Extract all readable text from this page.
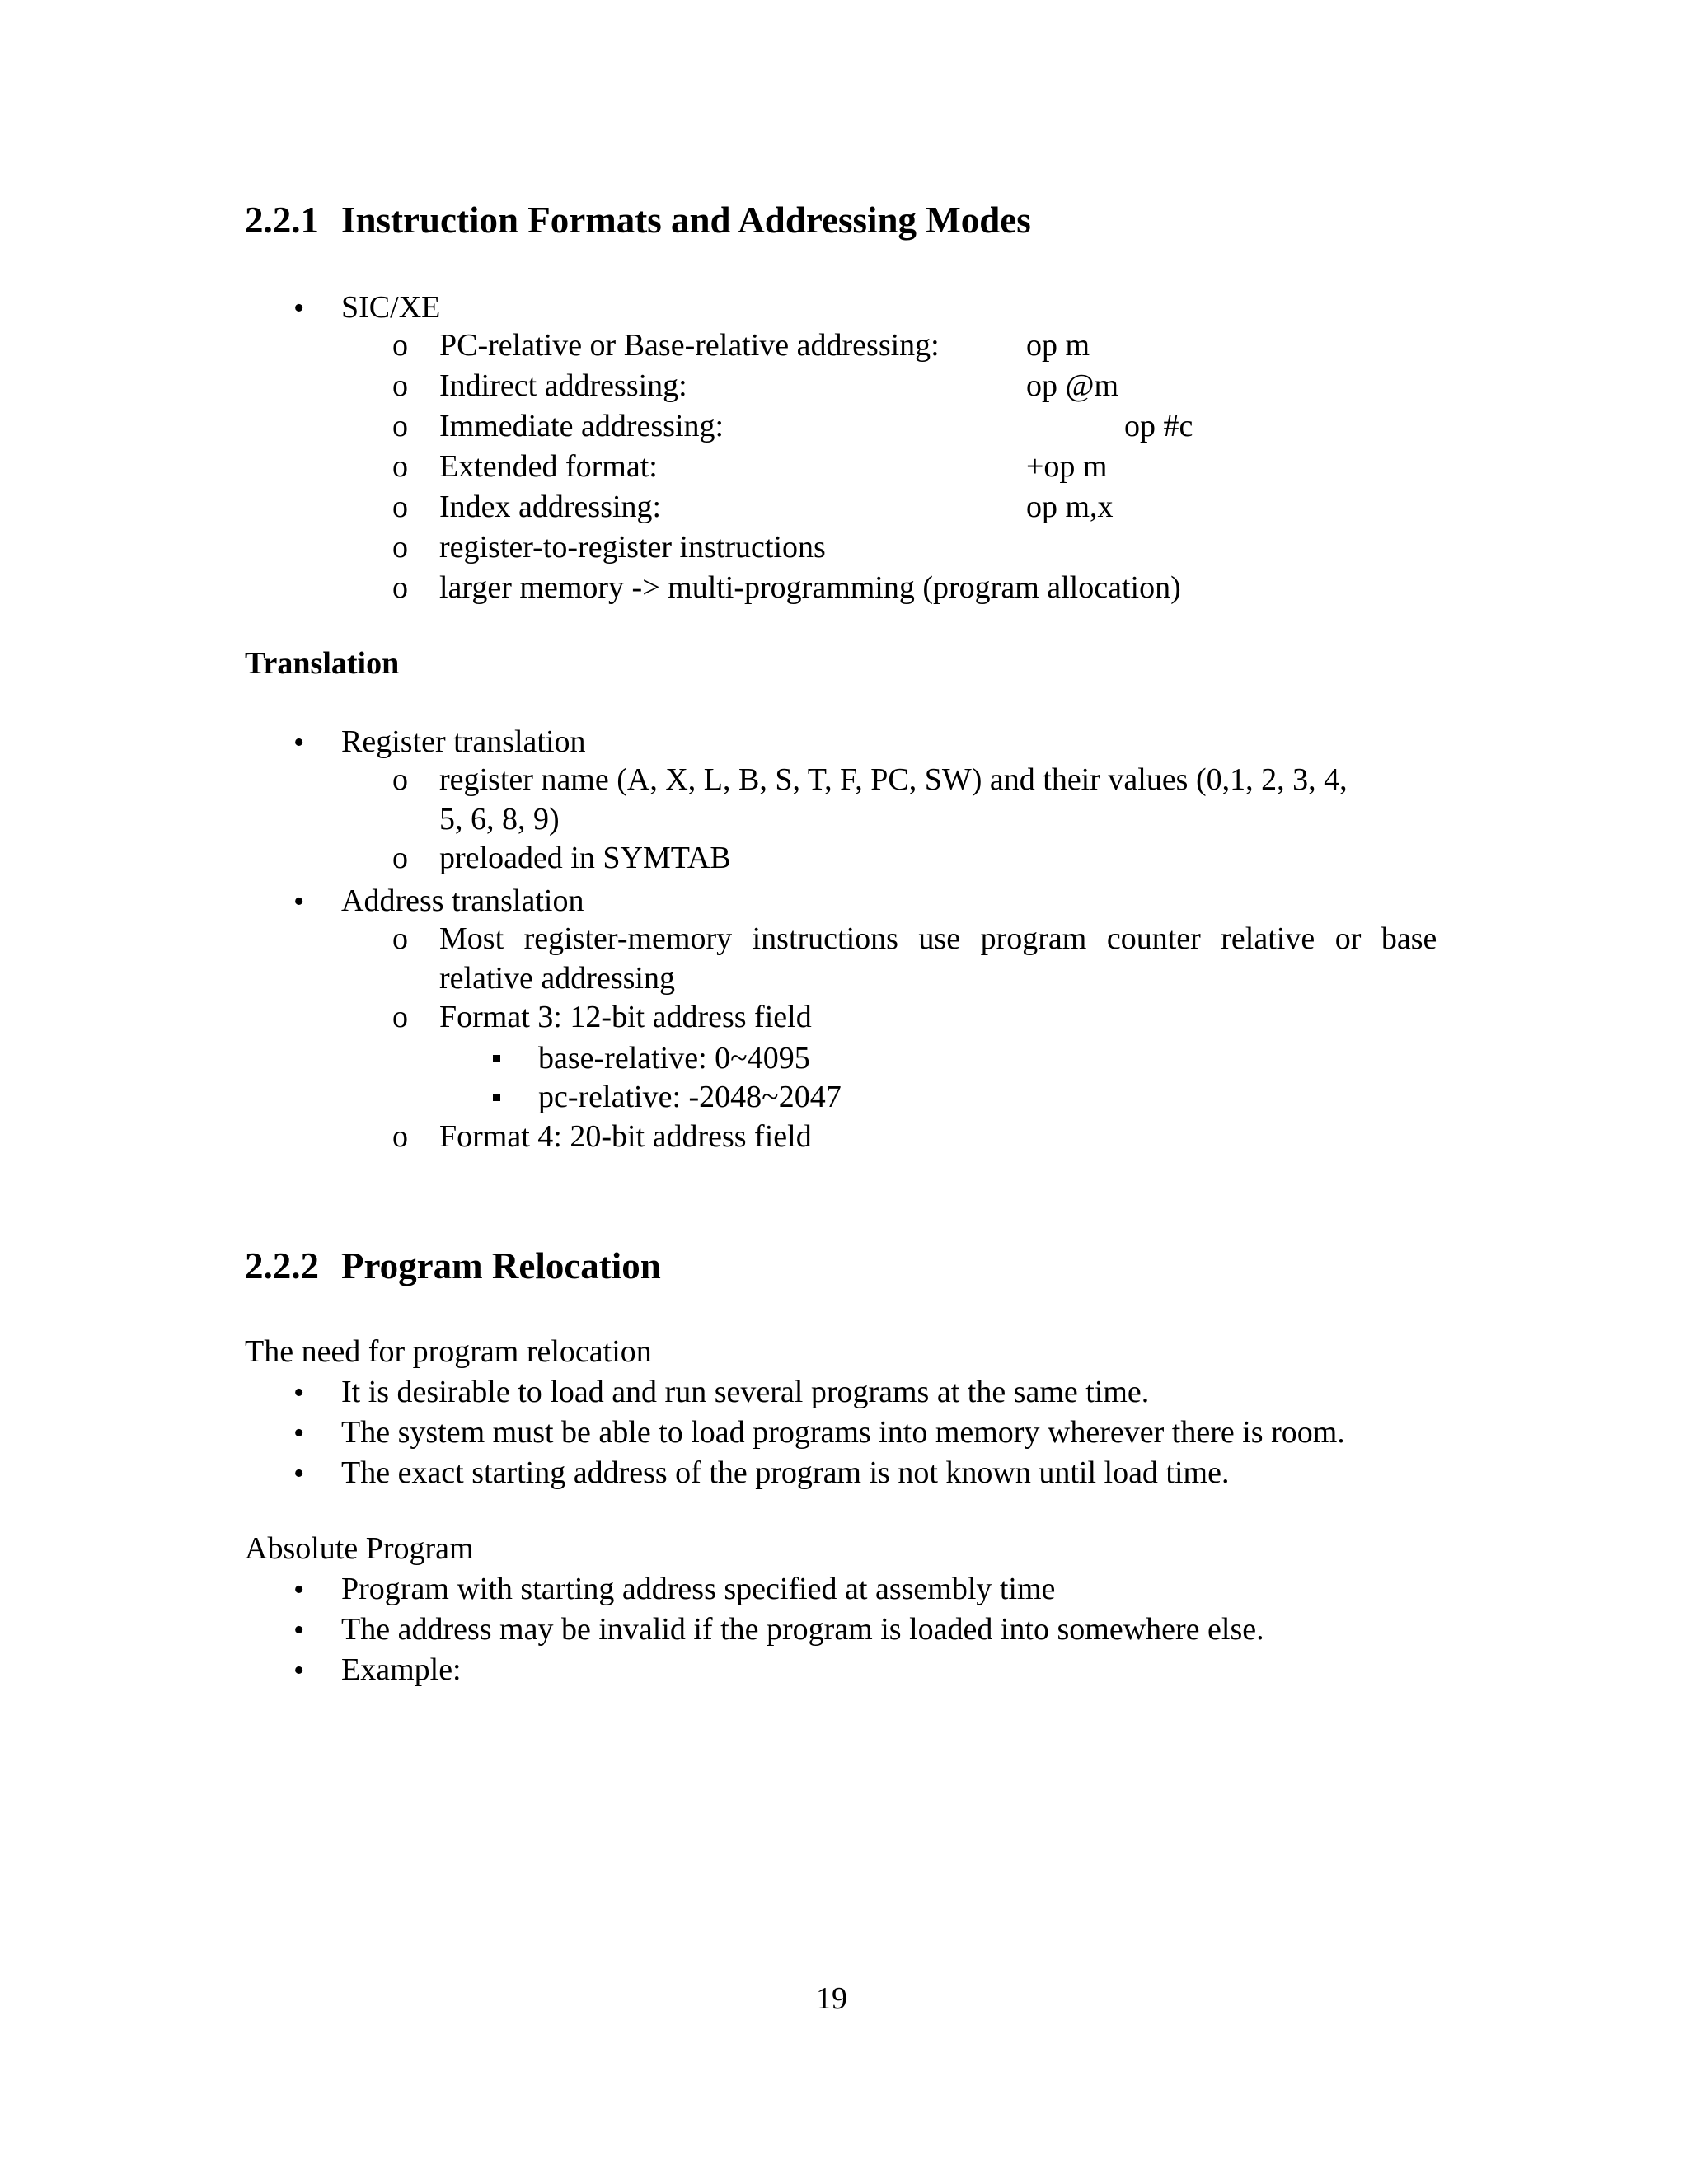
2.2.1 Instruction Formats and Addressing Modes
• SIC/XE
o PC-relative or Base-relative addressing:	op m
o Indirect addressing:	op @m
o Immediate addressing:	op #c
o Extended format:	+op m
o Index addressing:	op m,x
o register-to-register instructions
o larger memory -> multi-programming (program allocation)
Translation
• Register translation
o register name (A, X, L, B, S, T, F, PC, SW) and their values (0,1, 2, 3, 4,
5, 6, 8, 9)
o preloaded in SYMTAB
• Address translation
o Most register-memory instructions use program counter relative or base
relative addressing
o Format 3: 12-bit address field
base-relative: 0~4095
pc-relative: -2048~2047
o Format 4: 20-bit address field
2.2.2 Program Relocation
The need for program relocation
• It is desirable to load and run several programs at the same time.
• The system must be able to load programs into memory wherever there is room.
• The exact starting address of the program is not known until load time.
Absolute Program
• Program with starting address specified at assembly time
• The address may be invalid if the program is loaded into somewhere else.
• Example:
19
